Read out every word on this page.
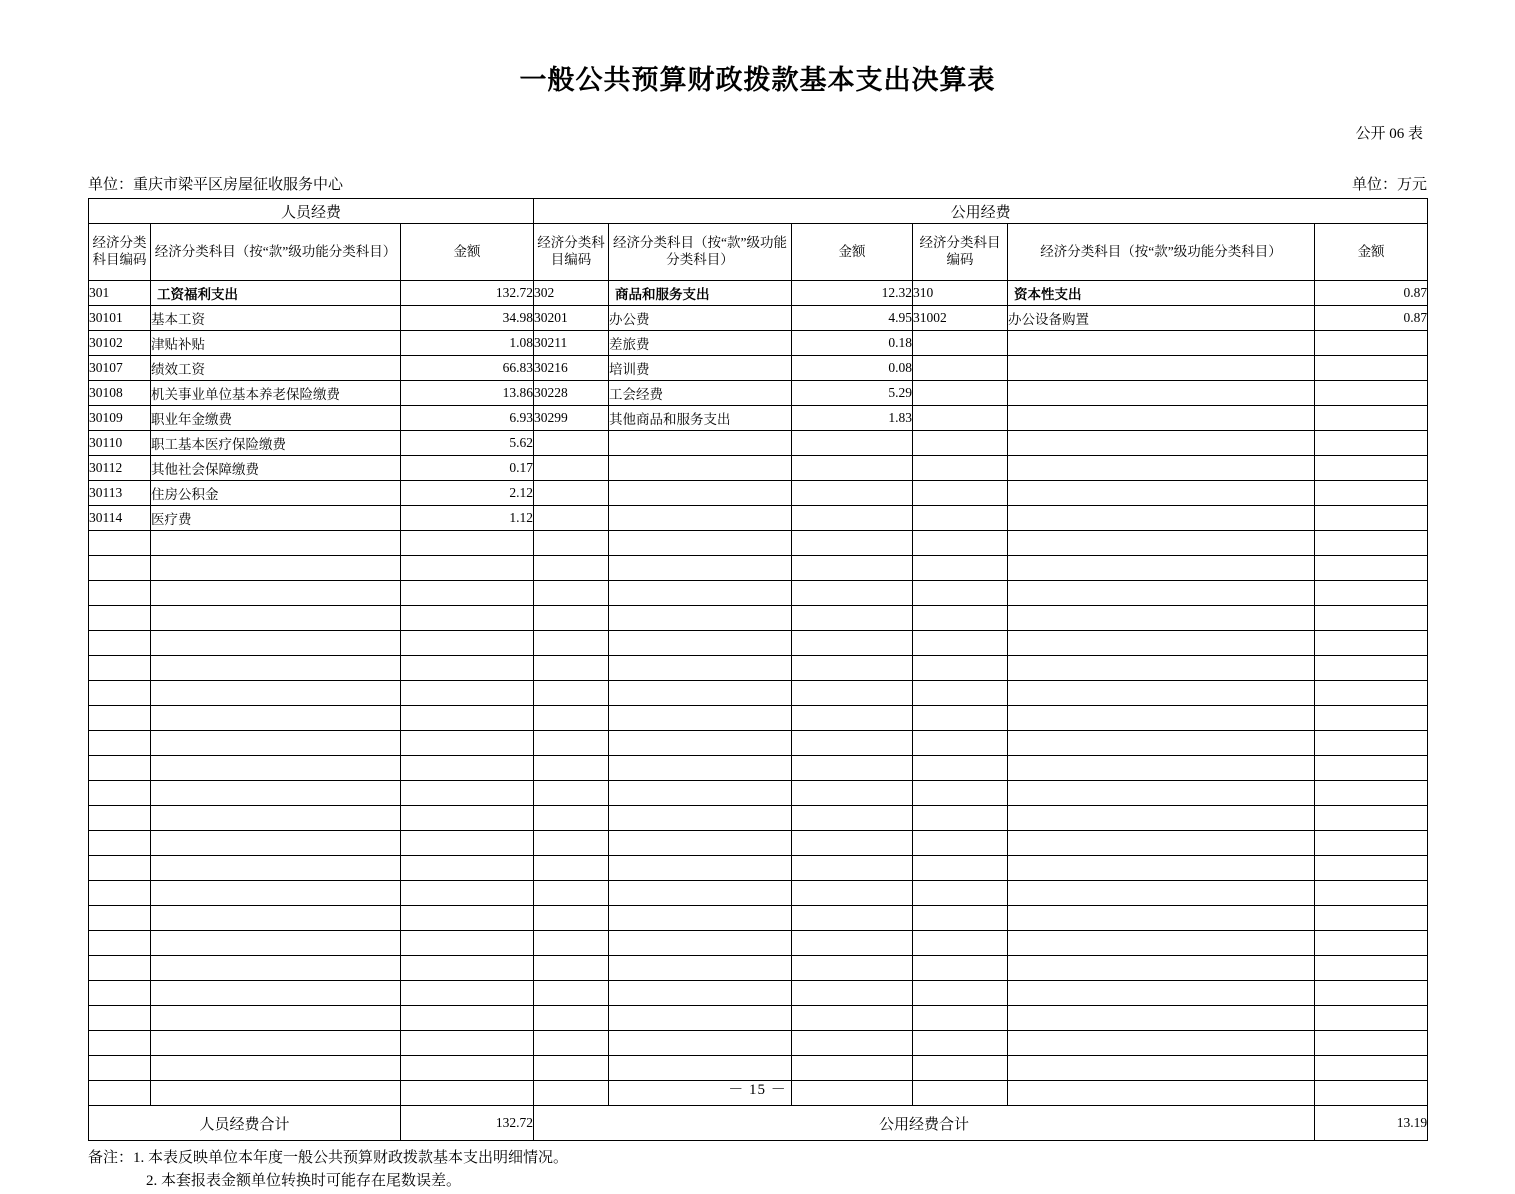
一般公共预算财政拨款基本支出决算表
公开 06 表
单位：重庆市梁平区房屋征收服务中心	单位：万元
人员经费			公用经费					
经济分类科目编码	经济分类科目（按“款”级功能分类科目）	金额	经济分类科目编码	经济分类科目（按“款”级功能分类科目）	金额	经济分类科目编码	经济分类科目（按“款”级功能分类科目）	金额
301	工资福利支出	132.72	302	商品和服务支出	12.32	310	资本性支出	0.87
30101	基本工资	34.98	30201	办公费	4.95	31002	办公设备购置	0.87
30102	津贴补贴	1.08	30211	差旅费	0.18			
30107	绩效工资	66.83	30216	培训费	0.08			
30108	机关事业单位基本养老保险缴费	13.86	30228	工会经费	5.29			
30109	职业年金缴费	6.93	30299	其他商品和服务支出	1.83			
30110	职工基本医疗保险缴费	5.62						
30112	其他社会保障缴费	0.17						
30113	住房公积金	2.12						
30114	医疗费	1.12						

人员经费合计		132.72	公用经费合计					13.19
备注：1. 本表反映单位本年度一般公共预算财政拨款基本支出明细情况。
2. 本套报表金额单位转换时可能存在尾数误差。
－ 15 －
